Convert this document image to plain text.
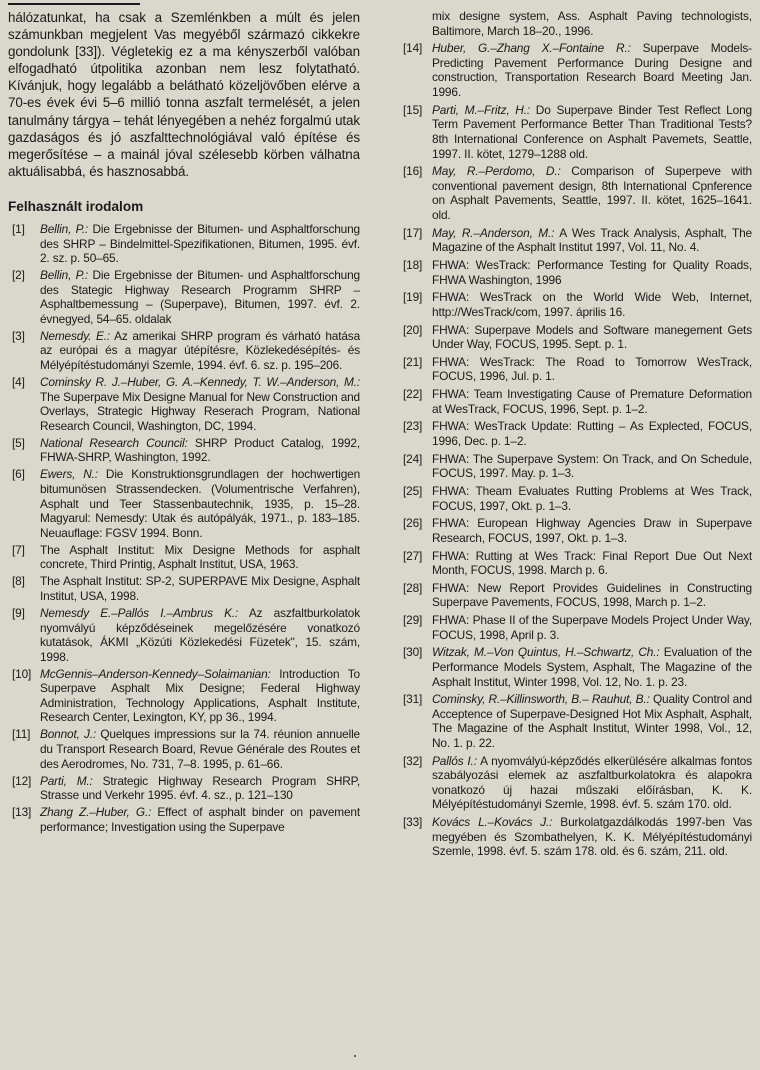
hálózatunkat, ha csak a Szemlénkben a múlt és jelen számunkban megjelent Vas megyéből származó cikkekre gondolunk [33]). Végletekig ez a ma kényszerből valóban elfogadható útpolitika azonban nem lesz folytatható. Kívánjuk, hogy legalább a belátható közeljövőben elérve a 70-es évek évi 5–6 millió tonna aszfalt termelését, a jelen tanulmány tárgya – tehát lényegében a nehéz forgalmú utak gazdaságos és jó aszfalttechnológiával való építése és megerősítése – a mainál jóval szélesebb körben válhatna aktuálisabbá, és hasznosabbá.

Felhasznált irodalom
[1] Bellin, P.: Die Ergebnisse der Bitumen- und Asphaltforschung des SHRP – Bindelmittel-Spezifikationen, Bitumen, 1995. évf. 2. sz. p. 50–65.
[2] Bellin, P.: Die Ergebnisse der Bitumen- und Asphaltforschung des Stategic Highway Research Programm SHRP – Asphaltbemessung – (Superpave), Bitumen, 1997. évf. 2. évnegyed, 54–65. oldalak
[3] Nemesdy. E.: Az amerikai SHRP program és várható hatása az európai és a magyar útépítésre, Közlekedésépítés- és Mélyépítéstudományi Szemle, 1994. évf. 6. sz. p. 195–206.
[4] Cominsky R. J.–Huber, G. A.–Kennedy, T. W.–Anderson, M.: The Superpave Mix Designe Manual for New Construction and Overlays, Strategic Highway Reserach Program, National Research Council, Washington, DC, 1994.
[5] National Research Council: SHRP Product Catalog, 1992, FHWA-SHRP, Washington, 1992.
[6] Ewers, N.: Die Konstruktionsgrundlagen der hochwertigen bitumunösen Strassendecken. (Volumentrische Verfahren), Asphalt und Teer Stassenbautechnik, 1935, p. 15–28. Magyarul: Nemesdy: Utak és autópályák, 1971., p. 183–185. Neuauflage: FGSV 1994. Bonn.
[7] The Asphalt Institut: Mix Designe Methods for asphalt concrete, Third Printig, Asphalt Institut, USA, 1963.
[8] The Asphalt Institut: SP-2, SUPERPAVE Mix Designe, Asphalt Institut, USA, 1998.
[9] Nemesdy E.–Pallós I.–Ambrus K.: Az aszfaltburkolatok nyomvályú képződéseinek megelőzésére vonatkozó kutatások, ÁKMI „Közúti Közlekedési Füzetek", 15. szám, 1998.
[10] McGennis–Anderson-Kennedy–Solaimanian: Introduction To Superpave Asphalt Mix Designe; Federal Highway Administration, Technology Applications, Asphalt Institute, Research Center, Lexington, KY, pp 36., 1994.
[11] Bonnot, J.: Quelques impressions sur la 74. réunion annuelle du Transport Research Board, Revue Générale des Routes et des Aerodromes, No. 731, 7–8. 1995, p. 61–66.
[12] Parti, M.: Strategic Highway Research Program SHRP, Strasse und Verkehr 1995. évf. 4. sz., p. 121–130
[13] Zhang Z.–Huber, G.: Effect of asphalt binder on pavement performance; Investigation using the Superpave
mix designe system, Ass. Asphalt Paving technologists, Baltimore, March 18–20., 1996.
[14] Huber, G.–Zhang X.–Fontaine R.: Superpave Models-Predicting Pavement Performance During Designe and construction, Transportation Research Board Meeting Jan. 1996.
[15] Parti, M.–Fritz, H.: Do Superpave Binder Test Reflect Long Term Pavement Performance Better Than Traditional Tests? 8th International Conference on Asphalt Pavemets, Seattle, 1997. II. kötet, 1279–1288 old.
[16] May, R.–Perdomo, D.: Comparison of Superpeve with conventional pavement design, 8th International Cpnference on Asphalt Pavements, Seattle, 1997. II. kötet, 1625–1641. old.
[17] May, R.–Anderson, M.: A Wes Track Analysis, Asphalt, The Magazine of the Asphalt Institut 1997, Vol. 11, No. 4.
[18] FHWA: WesTrack: Performance Testing for Quality Roads, FHWA Washington, 1996
[19] FHWA: WesTrack on the World Wide Web, Internet, http://WesTrack/com, 1997. április 16.
[20] FHWA: Superpave Models and Software manegement Gets Under Way, FOCUS, 1995. Sept. p. 1.
[21] FHWA: WesTrack: The Road to Tomorrow WesTrack, FOCUS, 1996, Jul. p. 1.
[22] FHWA: Team Investigating Cause of Premature Deformation at WesTrack, FOCUS, 1996, Sept. p. 1–2.
[23] FHWA: WesTrack Update: Rutting – As Explected, FOCUS, 1996, Dec. p. 1–2.
[24] FHWA: The Superpave System: On Track, and On Schedule, FOCUS, 1997. May. p. 1–3.
[25] FHWA: Theam Evaluates Rutting Problems at Wes Track, FOCUS, 1997, Okt. p. 1–3.
[26] FHWA: European Highway Agencies Draw in Superpave Research, FOCUS, 1997, Okt. p. 1–3.
[27] FHWA: Rutting at Wes Track: Final Report Due Out Next Month, FOCUS, 1998. March p. 6.
[28] FHWA: New Report Provides Guidelines in Constructing Superpave Pavements, FOCUS, 1998, March p. 1–2.
[29] FHWA: Phase II of the Superpave Models Project Under Way, FOCUS, 1998, April p. 3.
[30] Witzak, M.–Von Quintus, H.–Schwartz, Ch.: Evaluation of the Performance Models System, Asphalt, The Magazine of the Asphalt Institut, Winter 1998, Vol. 12, No. 1. p. 23.
[31] Cominsky, R.–Killinsworth, B.– Rauhut, B.: Quality Control and Acceptence of Superpave-Designed Hot Mix Asphalt, Asphalt, The Magazine of the Asphalt Institut, Winter 1998, Vol., 12, No. 1. p. 22.
[32] Pallós I.: A nyomvályú-képződés elkerülésére alkalmas fontos szabályozási elemek az aszfaltburkolatokra és alapokra vonatkozó új hazai műszaki előírásban, K. K. Mélyépítéstudományi Szemle, 1998. évf. 5. szám 170. old.
[33] Kovács L.–Kovács J.: Burkolatgazdálkodás 1997-ben Vas megyében és Szombathelyen, K. K. Mélyépítéstudományi Szemle, 1998. évf. 5. szám 178. old. és 6. szám, 211. old.
